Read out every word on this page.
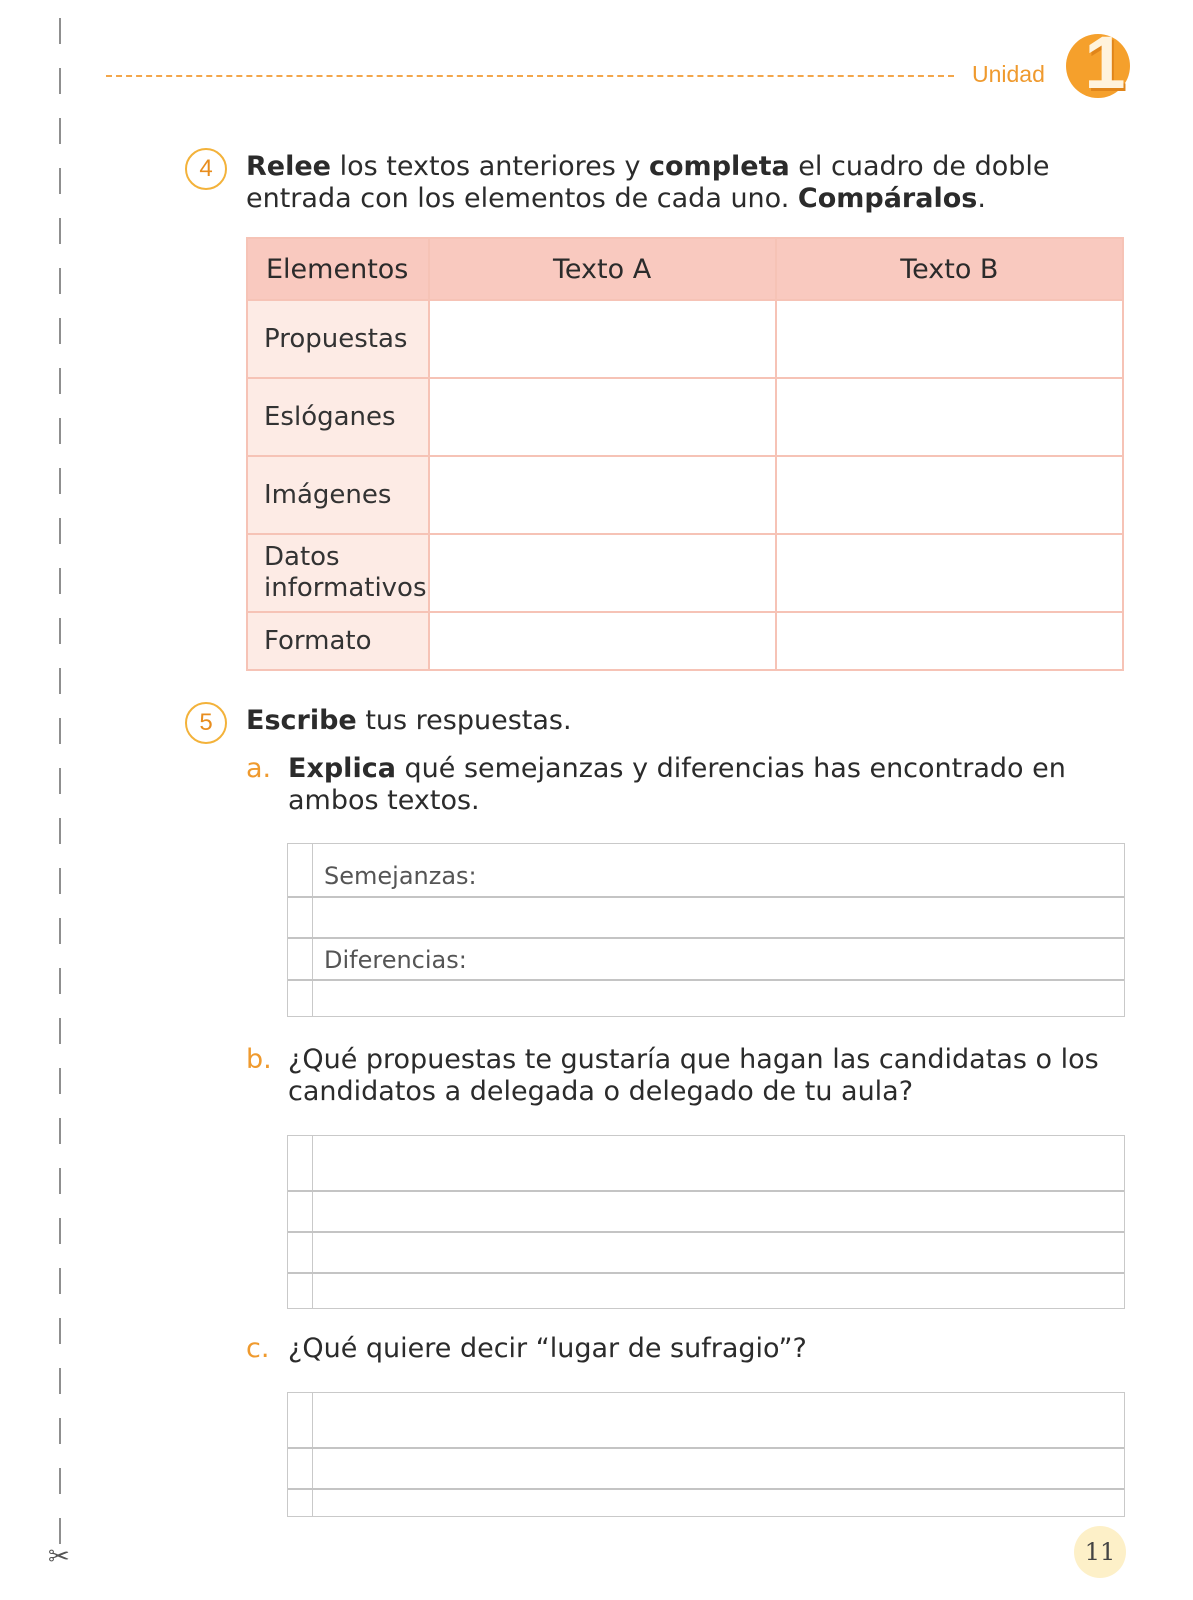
✂
Unidad 1
4	Relee los textos anteriores y completa el cuadro de doble entrada con los elementos de cada uno. Compáralos.
Elementos	Texto A	Texto B
Propuestas		
Eslóganes		
Imágenes		
Datos informativos		
Formato		
5	Escribe tus respuestas.
a. Explica qué semejanzas y diferencias has encontrado en ambos textos.
Semejanzas:
Diferencias:
b. ¿Qué propuestas te gustaría que hagan las candidatas o los candidatos a delegada o delegado de tu aula?
c. ¿Qué quiere decir “lugar de sufragio”?
11
